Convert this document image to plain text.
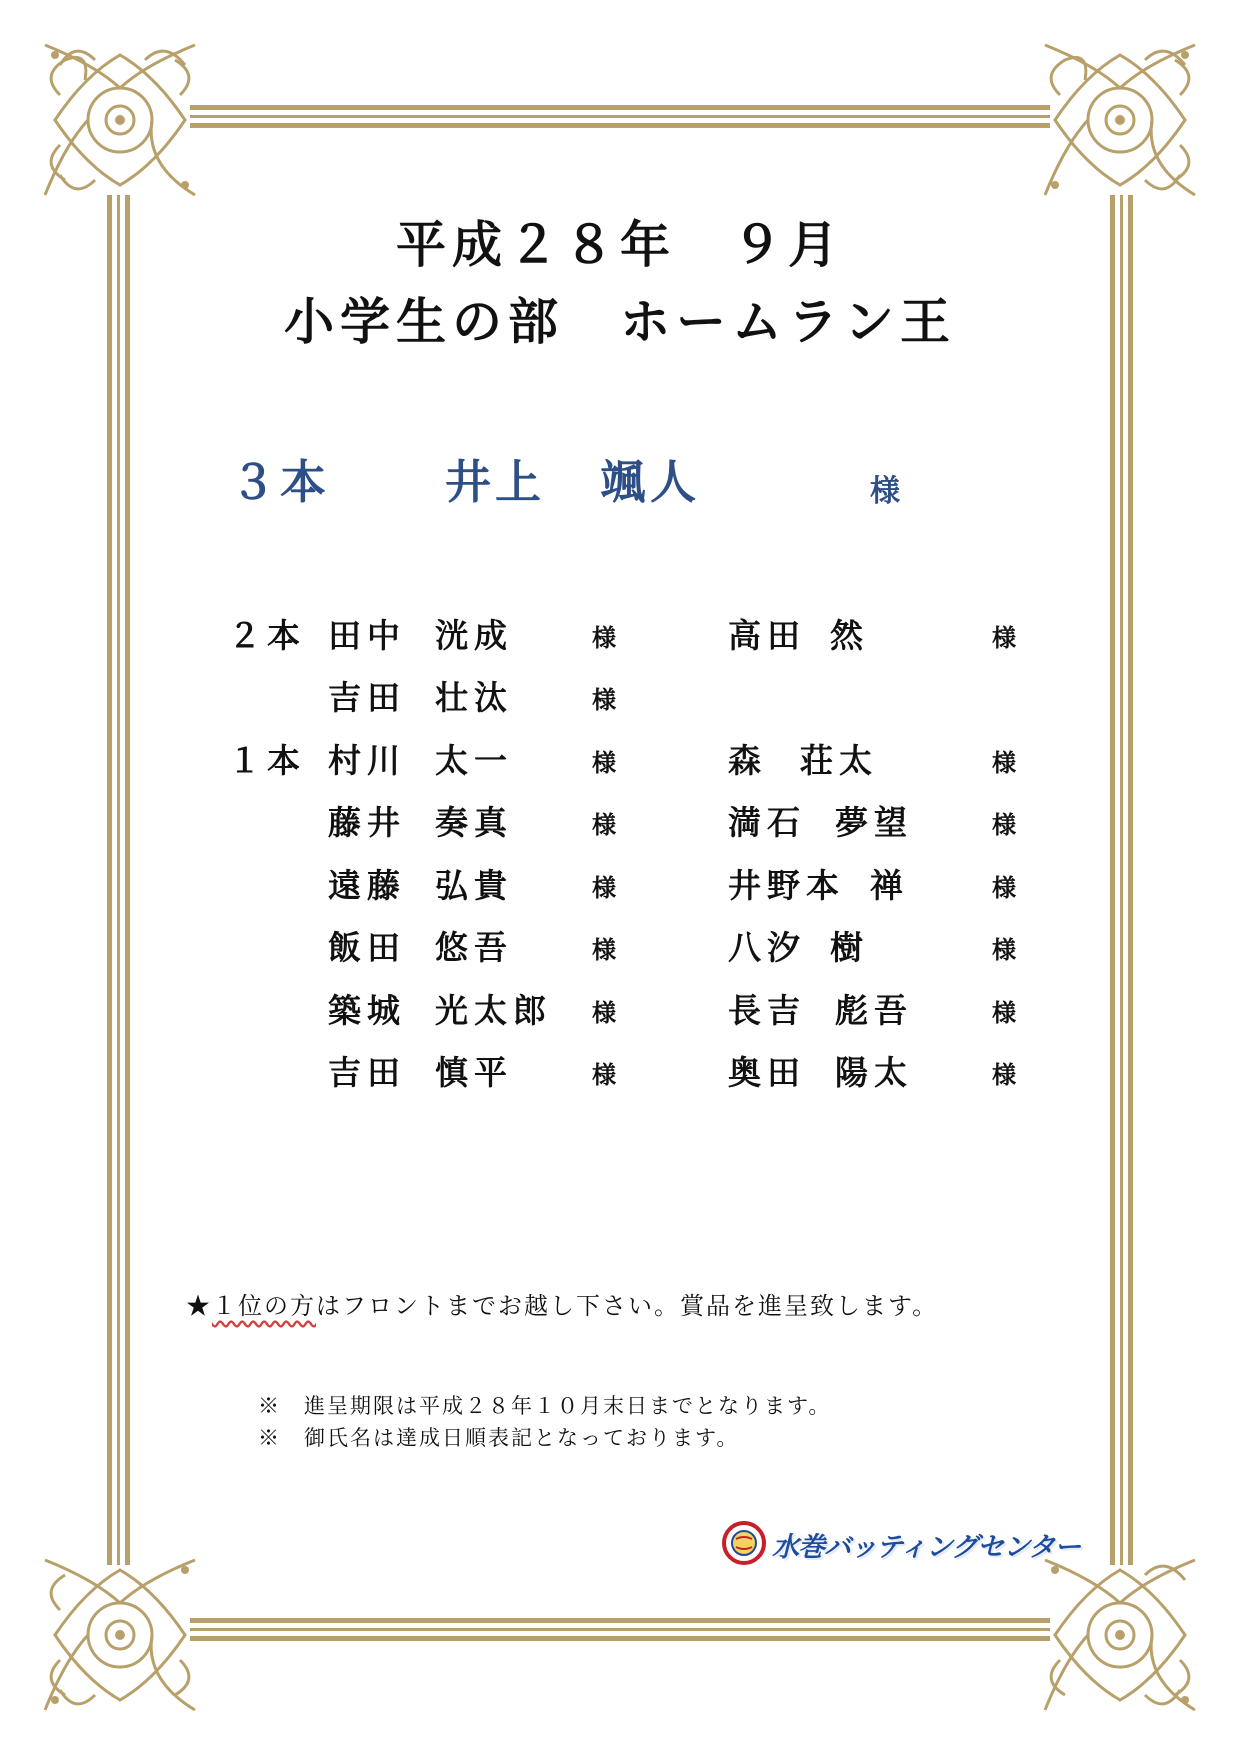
平成２８年　９月
小学生の部　ホームラン王
３本	井上 颯人	様
２本 田中 洸成	様	高田 然	様
吉田 壮汰	様
１本 村川 太一	様	森 荘太	様
藤井 奏真	様	満石 夢望	様
遠藤 弘貴	様	井野本 禅	様
飯田 悠吾	様	八汐 樹	様
築城 光太郎 様	長吉 彪吾	様
吉田 慎平	様	奥田 陽太	様
★１位の方はフロントまでお越し下さい。賞品を進呈致します。
※　進呈期限は平成２８年１０月末日までとなります。
※　御氏名は達成日順表記となっております。
水巻バッティングセンター
